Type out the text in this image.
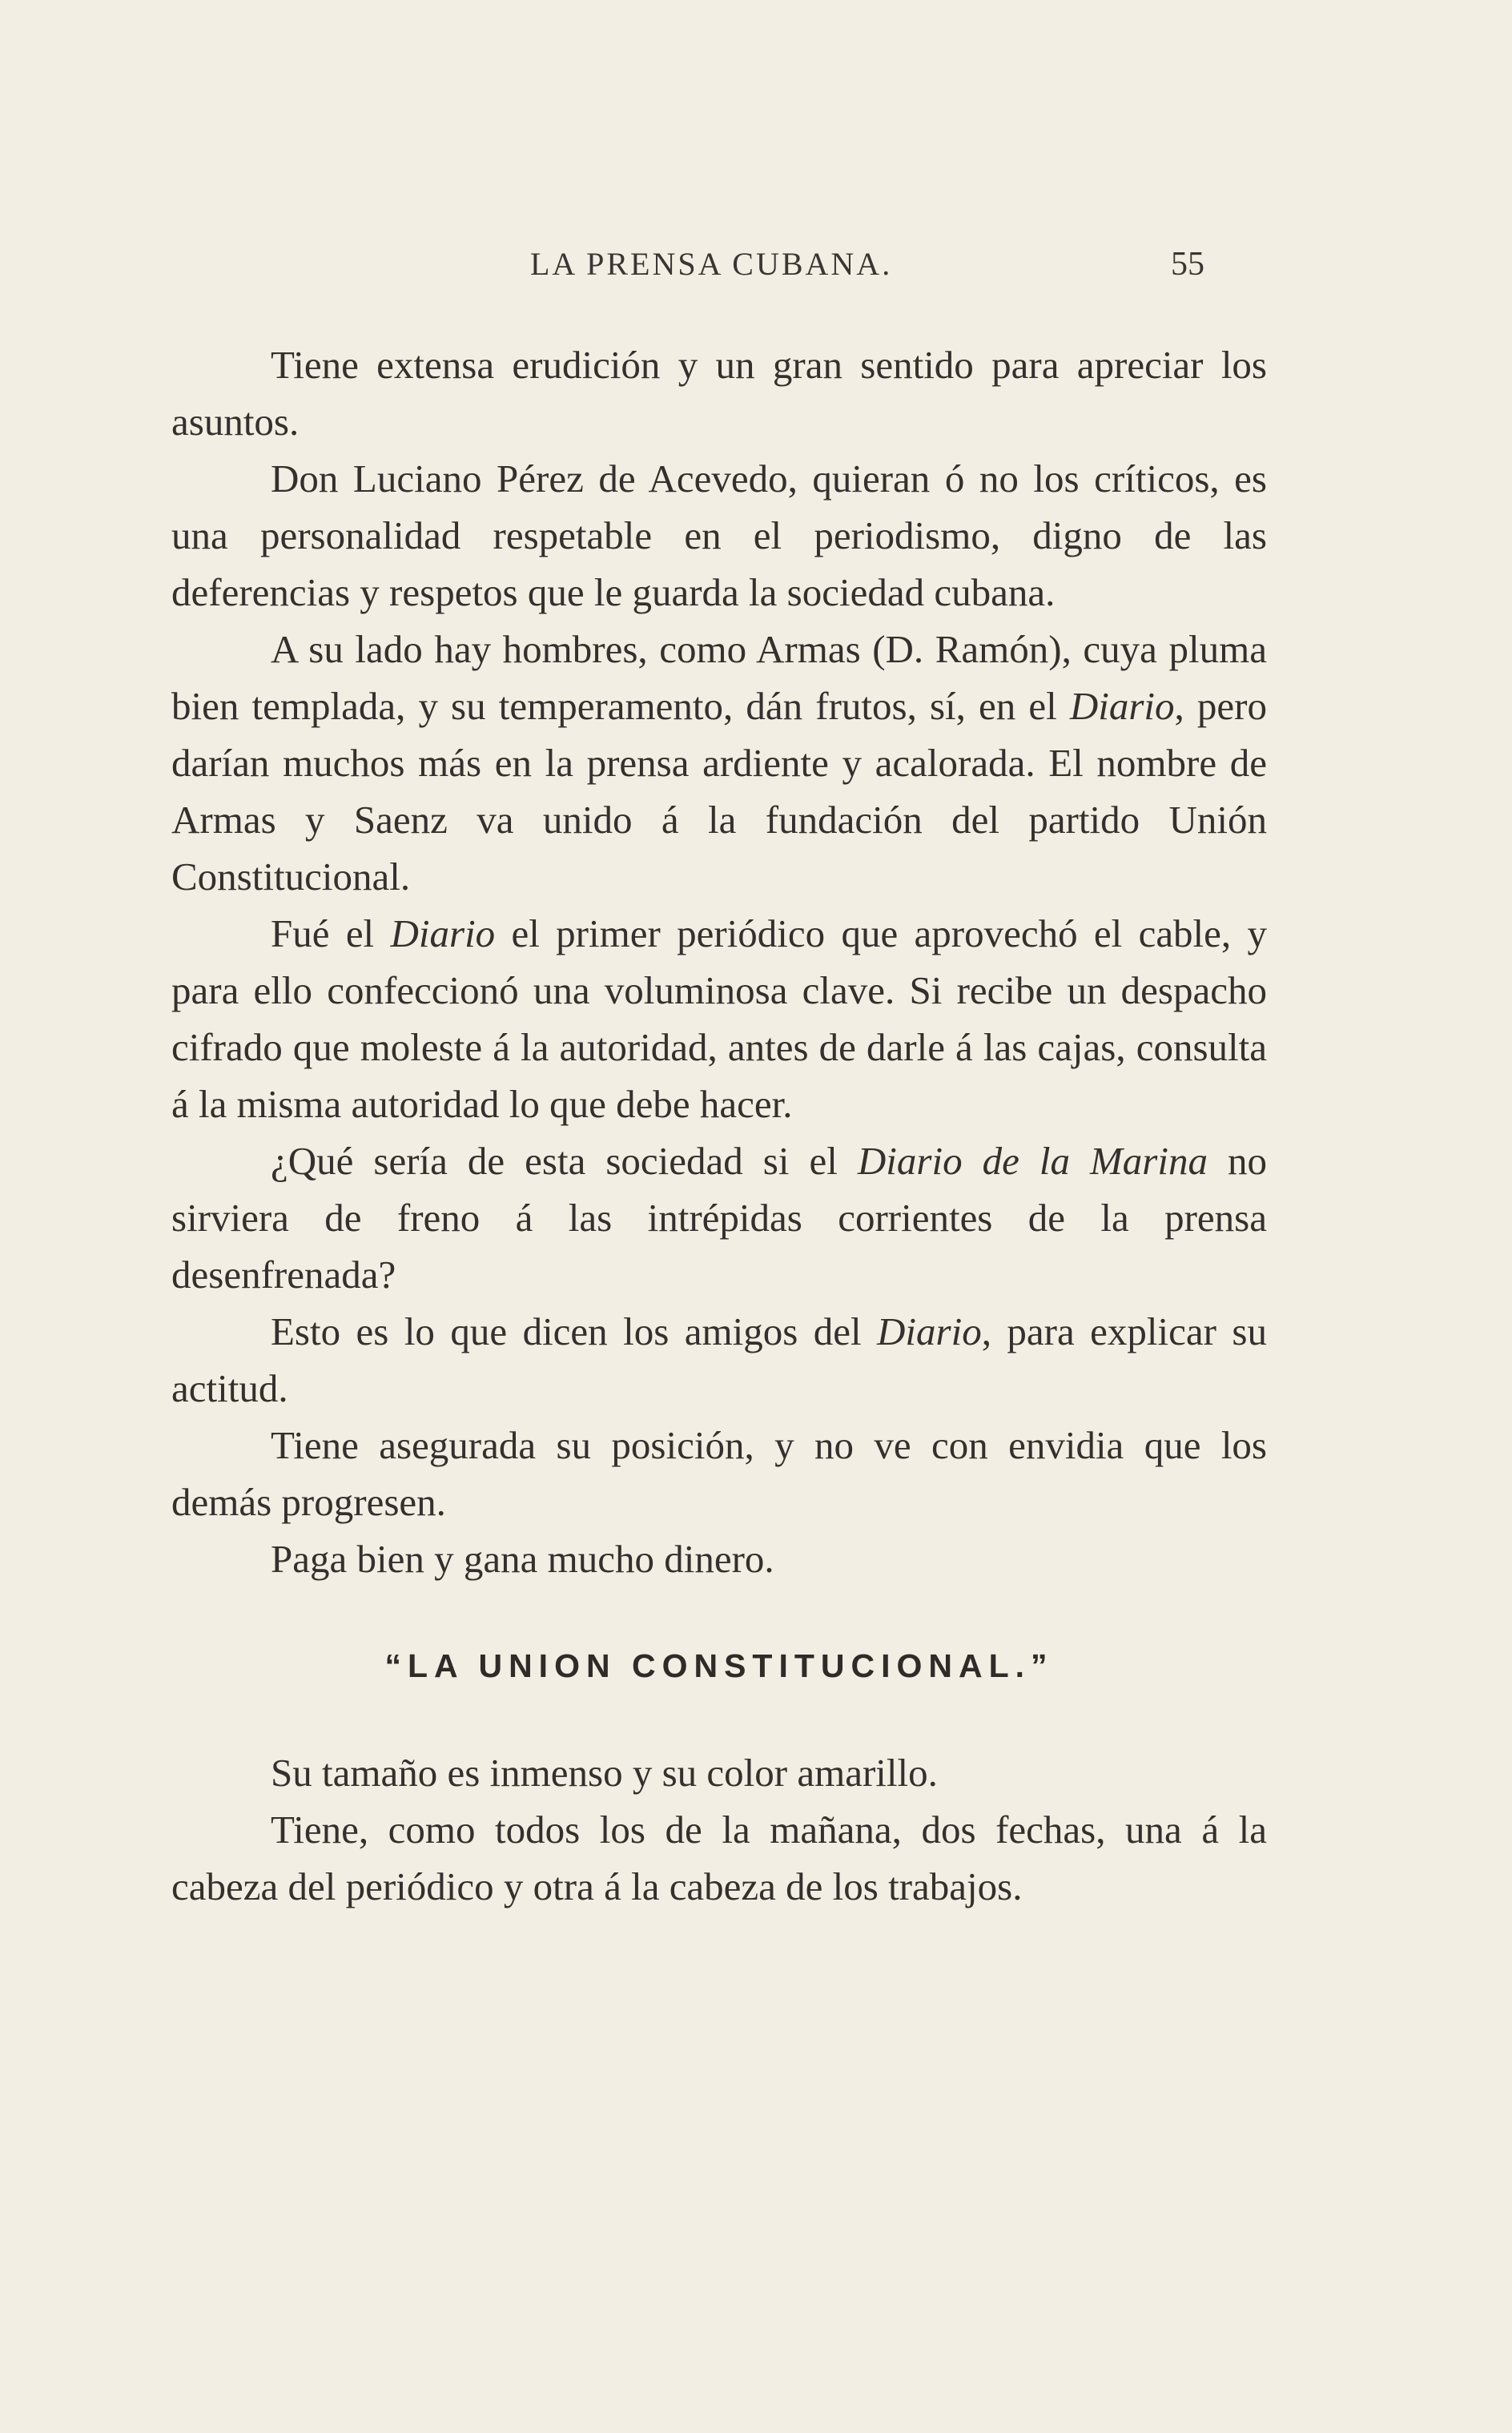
LA PRENSA CUBANA.	55

Tiene extensa erudición y un gran sentido para apreciar los asuntos.

Don Luciano Pérez de Acevedo, quieran ó no los críticos, es una personalidad respetable en el periodismo, digno de las deferencias y respetos que le guarda la sociedad cubana.

A su lado hay hombres, como Armas (D. Ramón), cuya pluma bien templada, y su temperamento, dán frutos, sí, en el Diario, pero darían muchos más en la prensa ardiente y acalorada. El nombre de Armas y Saenz va unido á la fundación del partido Unión Constitucional.

Fué el Diario el primer periódico que aprovechó el cable, y para ello confeccionó una voluminosa clave. Si recibe un despacho cifrado que moleste á la autoridad, antes de darle á las cajas, consulta á la misma autoridad lo que debe hacer.

¿Qué sería de esta sociedad si el Diario de la Marina no sirviera de freno á las intrépidas corrientes de la prensa desenfrenada?

Esto es lo que dicen los amigos del Diario, para explicar su actitud.

Tiene asegurada su posición, y no ve con envidia que los demás progresen.

Paga bien y gana mucho dinero.

“LA UNION CONSTITUCIONAL.”

Su tamaño es inmenso y su color amarillo.

Tiene, como todos los de la mañana, dos fechas, una á la cabeza del periódico y otra á la cabeza de los trabajos.
